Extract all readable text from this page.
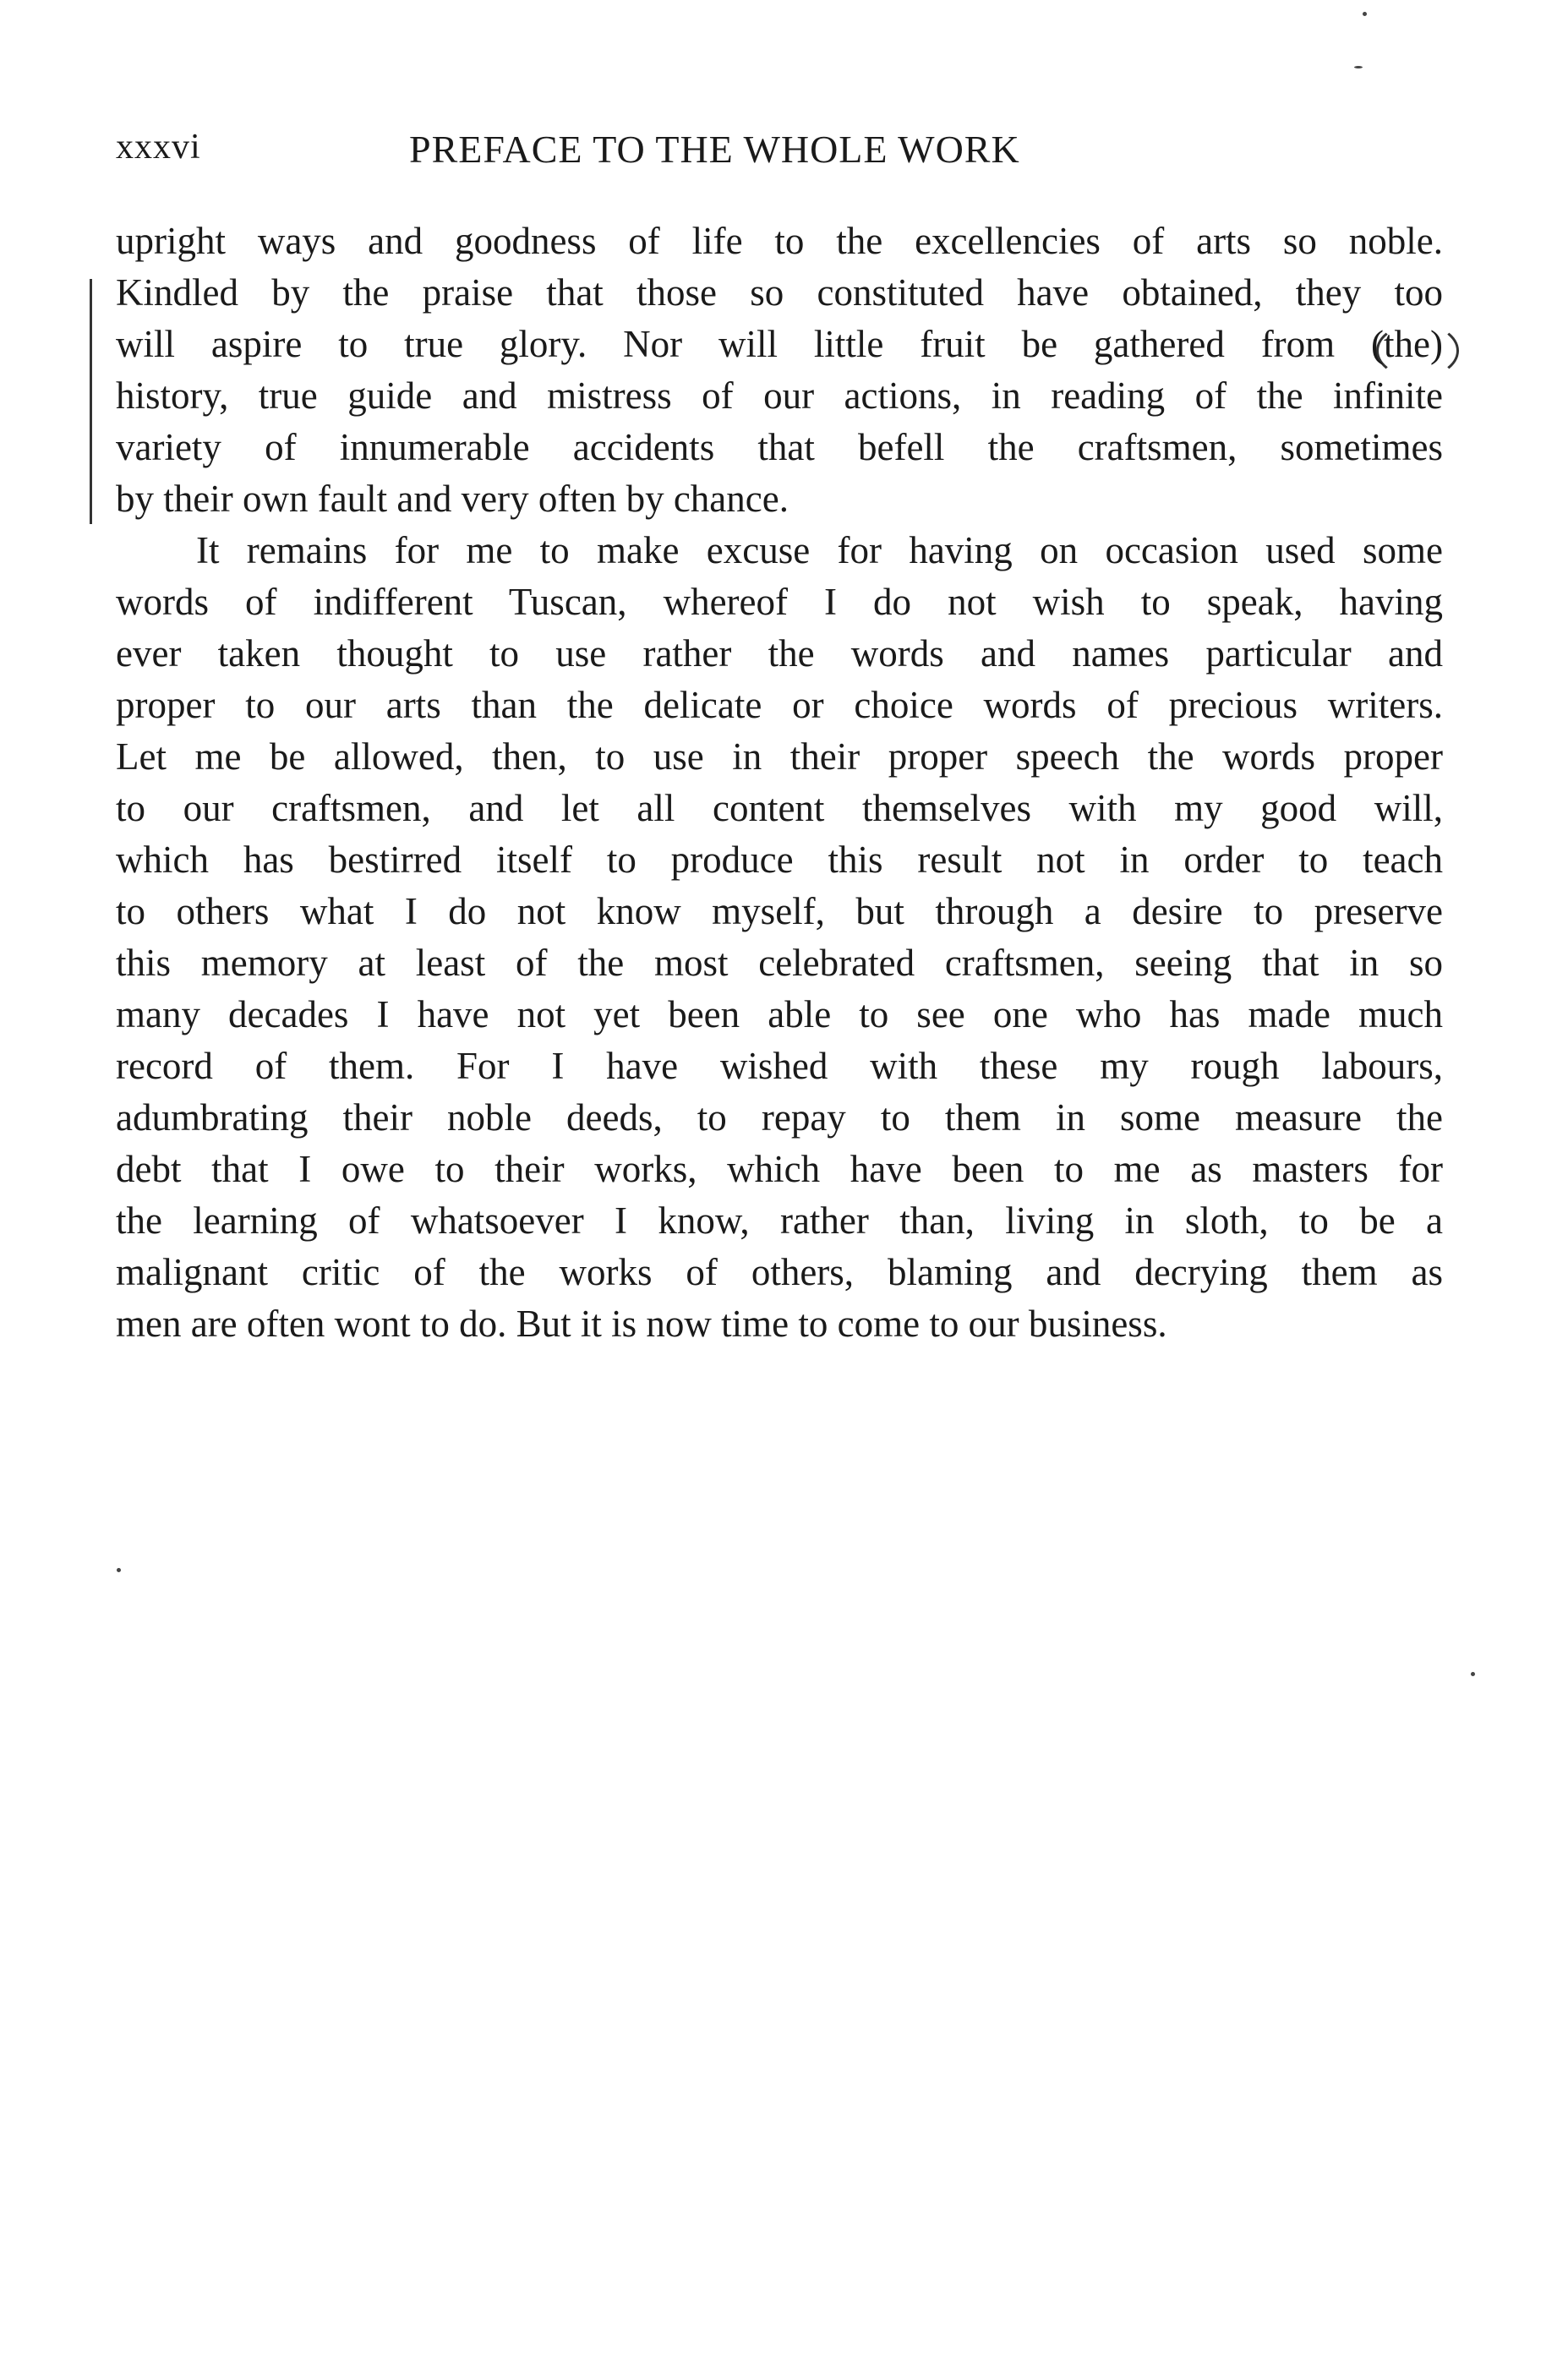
xxxvi	PREFACE TO THE WHOLE WORK
upright ways and goodness of life to the excellencies of arts so noble.
Kindled by the praise that those so constituted have obtained, they too
will aspire to true glory. Nor will little fruit be gathered from (the)
history, true guide and mistress of our actions, in reading of the infinite
variety of innumerable accidents that befell the craftsmen, sometimes
by their own fault and very often by chance.
It remains for me to make excuse for having on occasion used some
words of indifferent Tuscan, whereof I do not wish to speak, having
ever taken thought to use rather the words and names particular and
proper to our arts than the delicate or choice words of precious writers.
Let me be allowed, then, to use in their proper speech the words proper
to our craftsmen, and let all content themselves with my good will,
which has bestirred itself to produce this result not in order to teach
to others what I do not know myself, but through a desire to preserve
this memory at least of the most celebrated craftsmen, seeing that in so
many decades I have not yet been able to see one who has made much
record of them. For I have wished with these my rough labours,
adumbrating their noble deeds, to repay to them in some measure the
debt that I owe to their works, which have been to me as masters for
the learning of whatsoever I know, rather than, living in sloth, to be a
malignant critic of the works of others, blaming and decrying them as
men are often wont to do. But it is now time to come to our business.
